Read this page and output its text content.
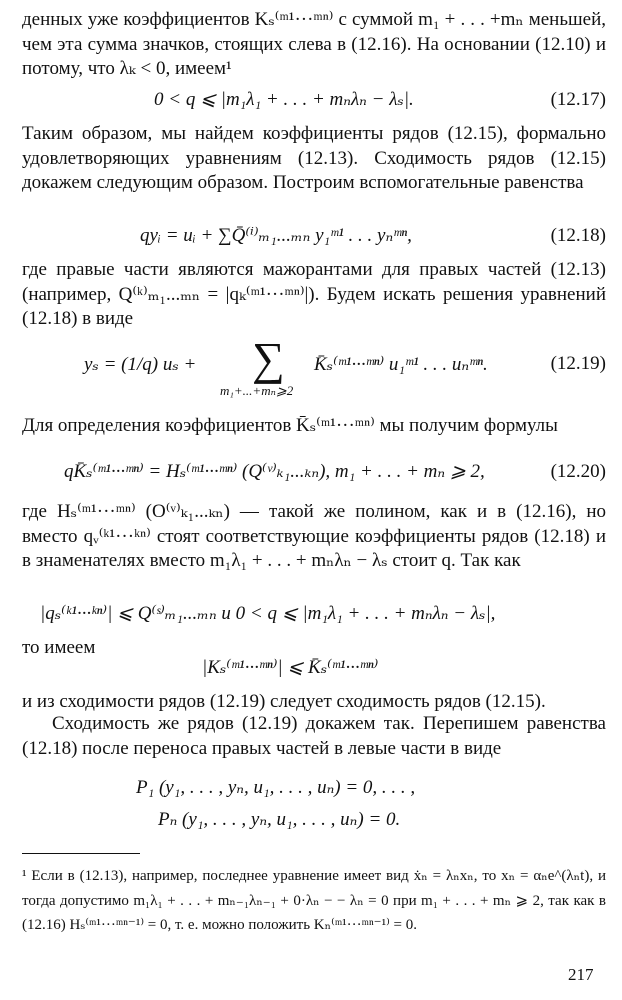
денных уже коэффициентов Kₛ⁽ᵐ¹···ᵐⁿ⁾ с суммой m₁ + . . . +mₙ меньшей, чем эта сумма значков, стоящих слева в (12.16). На основании (12.10) и потому, что λₖ < 0, имеем¹

0 < q ⩽ |m₁λ₁ + . . . + mₙλₙ − λₛ|.	(12.17)

Таким образом, мы найдем коэффициенты рядов (12.15), формально удовлетворяющих уравнениям (12.13). Сходимость рядов (12.15) докажем следующим образом. Построим вспомогательные равенства

qyᵢ = uᵢ + ∑Q̄⁽ⁱ⁾ₘ₁...ₘₙ y₁ᵐ¹ . . . yₙᵐⁿ,	(12.18)

где правые части являются мажорантами для правых частей (12.13) (например, Q⁽ᵏ⁾ₘ₁...ₘₙ = |qₖ⁽ᵐ¹···ᵐⁿ⁾|). Будем искать решения уравнений (12.18) в виде

yₛ = (1/q) uₛ + ∑
m₁+...+mₙ⩾2
K̄ₛ⁽ᵐ¹···ᵐⁿ⁾ u₁ᵐ¹ . . . uₙᵐⁿ.	(12.19)

Для определения коэффициентов K̄ₛ⁽ᵐ¹···ᵐⁿ⁾ мы получим формулы

qK̄ₛ⁽ᵐ¹···ᵐⁿ⁾ = Hₛ⁽ᵐ¹···ᵐⁿ⁾ (Q⁽ᵛ⁾ₖ₁...ₖₙ), m₁ + . . . + mₙ ⩾ 2,	(12.20)

где Hₛ⁽ᵐ¹···ᵐⁿ⁾ (O⁽ᵛ⁾ₖ₁...ₖₙ) — такой же полином, как и в (12.16), но вместо qᵥ⁽ᵏ¹···ᵏⁿ⁾ стоят соответствующие коэффициенты рядов (12.18) и в знаменателях вместо m₁λ₁ + . . . + mₙλₙ − λₛ стоит q. Так как

|qₛ⁽ᵏ¹···ᵏⁿ⁾| ⩽ Q⁽ˢ⁾ₘ₁...ₘₙ и 0 < q ⩽ |m₁λ₁ + . . . + mₙλₙ − λₛ|,

то имеем

|Kₛ⁽ᵐ¹···ᵐⁿ⁾| ⩽ K̄ₛ⁽ᵐ¹···ᵐⁿ⁾

и из сходимости рядов (12.19) следует сходимость рядов (12.15).

Сходимость же рядов (12.19) докажем так. Перепишем равенства (12.18) после переноса правых частей в левые части в виде

P₁ (y₁, . . . , yₙ, u₁, . . . , uₙ) = 0, . . . ,
Pₙ (y₁, . . . , yₙ, u₁, . . . , uₙ) = 0.

¹ Если в (12.13), например, последнее уравнение имеет вид ẋₙ = λₙxₙ, то xₙ = αₙe^(λₙt), и тогда допустимо m₁λ₁ + . . . + mₙ₋₁λₙ₋₁ + 0·λₙ − − λₙ = 0 при m₁ + . . . + mₙ ⩾ 2, так как в (12.16) Hₛ⁽ᵐ¹···ᵐⁿ⁻¹⁾ = 0, т. е. можно положить Kₙ⁽ᵐ¹···ᵐⁿ⁻¹⁾ = 0.

217
